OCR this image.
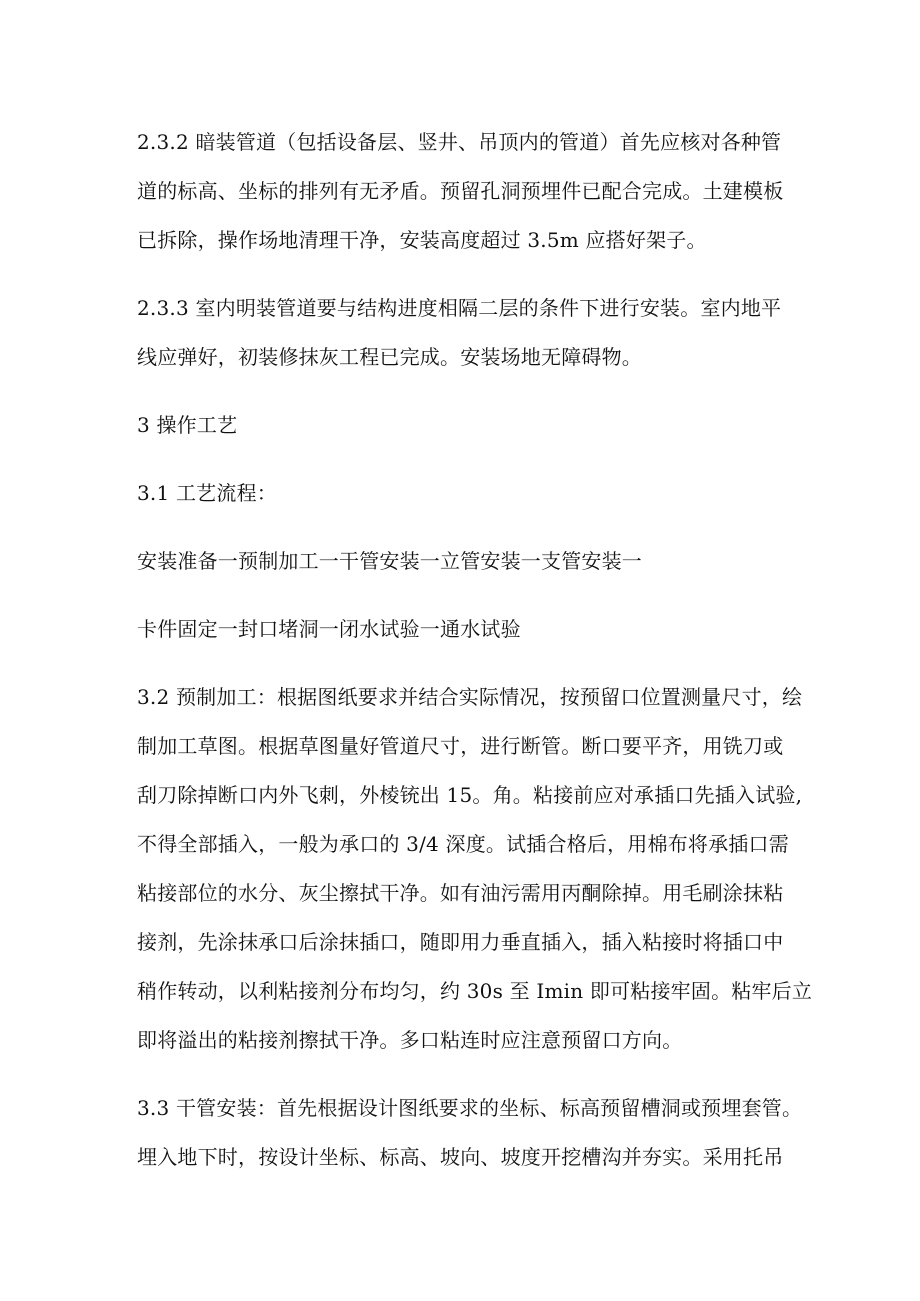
2.3.2 暗装管道（包括设备层、竖井、吊顶内的管道）首先应核对各种管
道的标高、坐标的排列有无矛盾。预留孔洞预埋件已配合完成。土建模板
已拆除，操作场地清理干净，安装高度超过 3.5m 应搭好架子。
2.3.3 室内明装管道要与结构进度相隔二层的条件下进行安装。室内地平
线应弹好，初装修抹灰工程已完成。安装场地无障碍物。
3 操作工艺
3.1 工艺流程：
安装准备一预制加工一干管安装一立管安装一支管安装一
卡件固定一封口堵洞一闭水试验一通水试验
3.2 预制加工：根据图纸要求并结合实际情况，按预留口位置测量尺寸，绘
制加工草图。根据草图量好管道尺寸，进行断管。断口要平齐，用铣刀或
刮刀除掉断口内外飞刺，外棱铳出 15。角。粘接前应对承插口先插入试验,
不得全部插入，一般为承口的 3/4 深度。试插合格后，用棉布将承插口需
粘接部位的水分、灰尘擦拭干净。如有油污需用丙酮除掉。用毛刷涂抹粘
接剂，先涂抹承口后涂抹插口，随即用力垂直插入，插入粘接时将插口中
稍作转动，以利粘接剂分布均匀，约 30s 至 Imin 即可粘接牢固。粘牢后立
即将溢出的粘接剂擦拭干净。多口粘连时应注意预留口方向。
3.3 干管安装：首先根据设计图纸要求的坐标、标高预留槽洞或预埋套管。
埋入地下时，按设计坐标、标高、坡向、坡度开挖槽沟并夯实。采用托吊
